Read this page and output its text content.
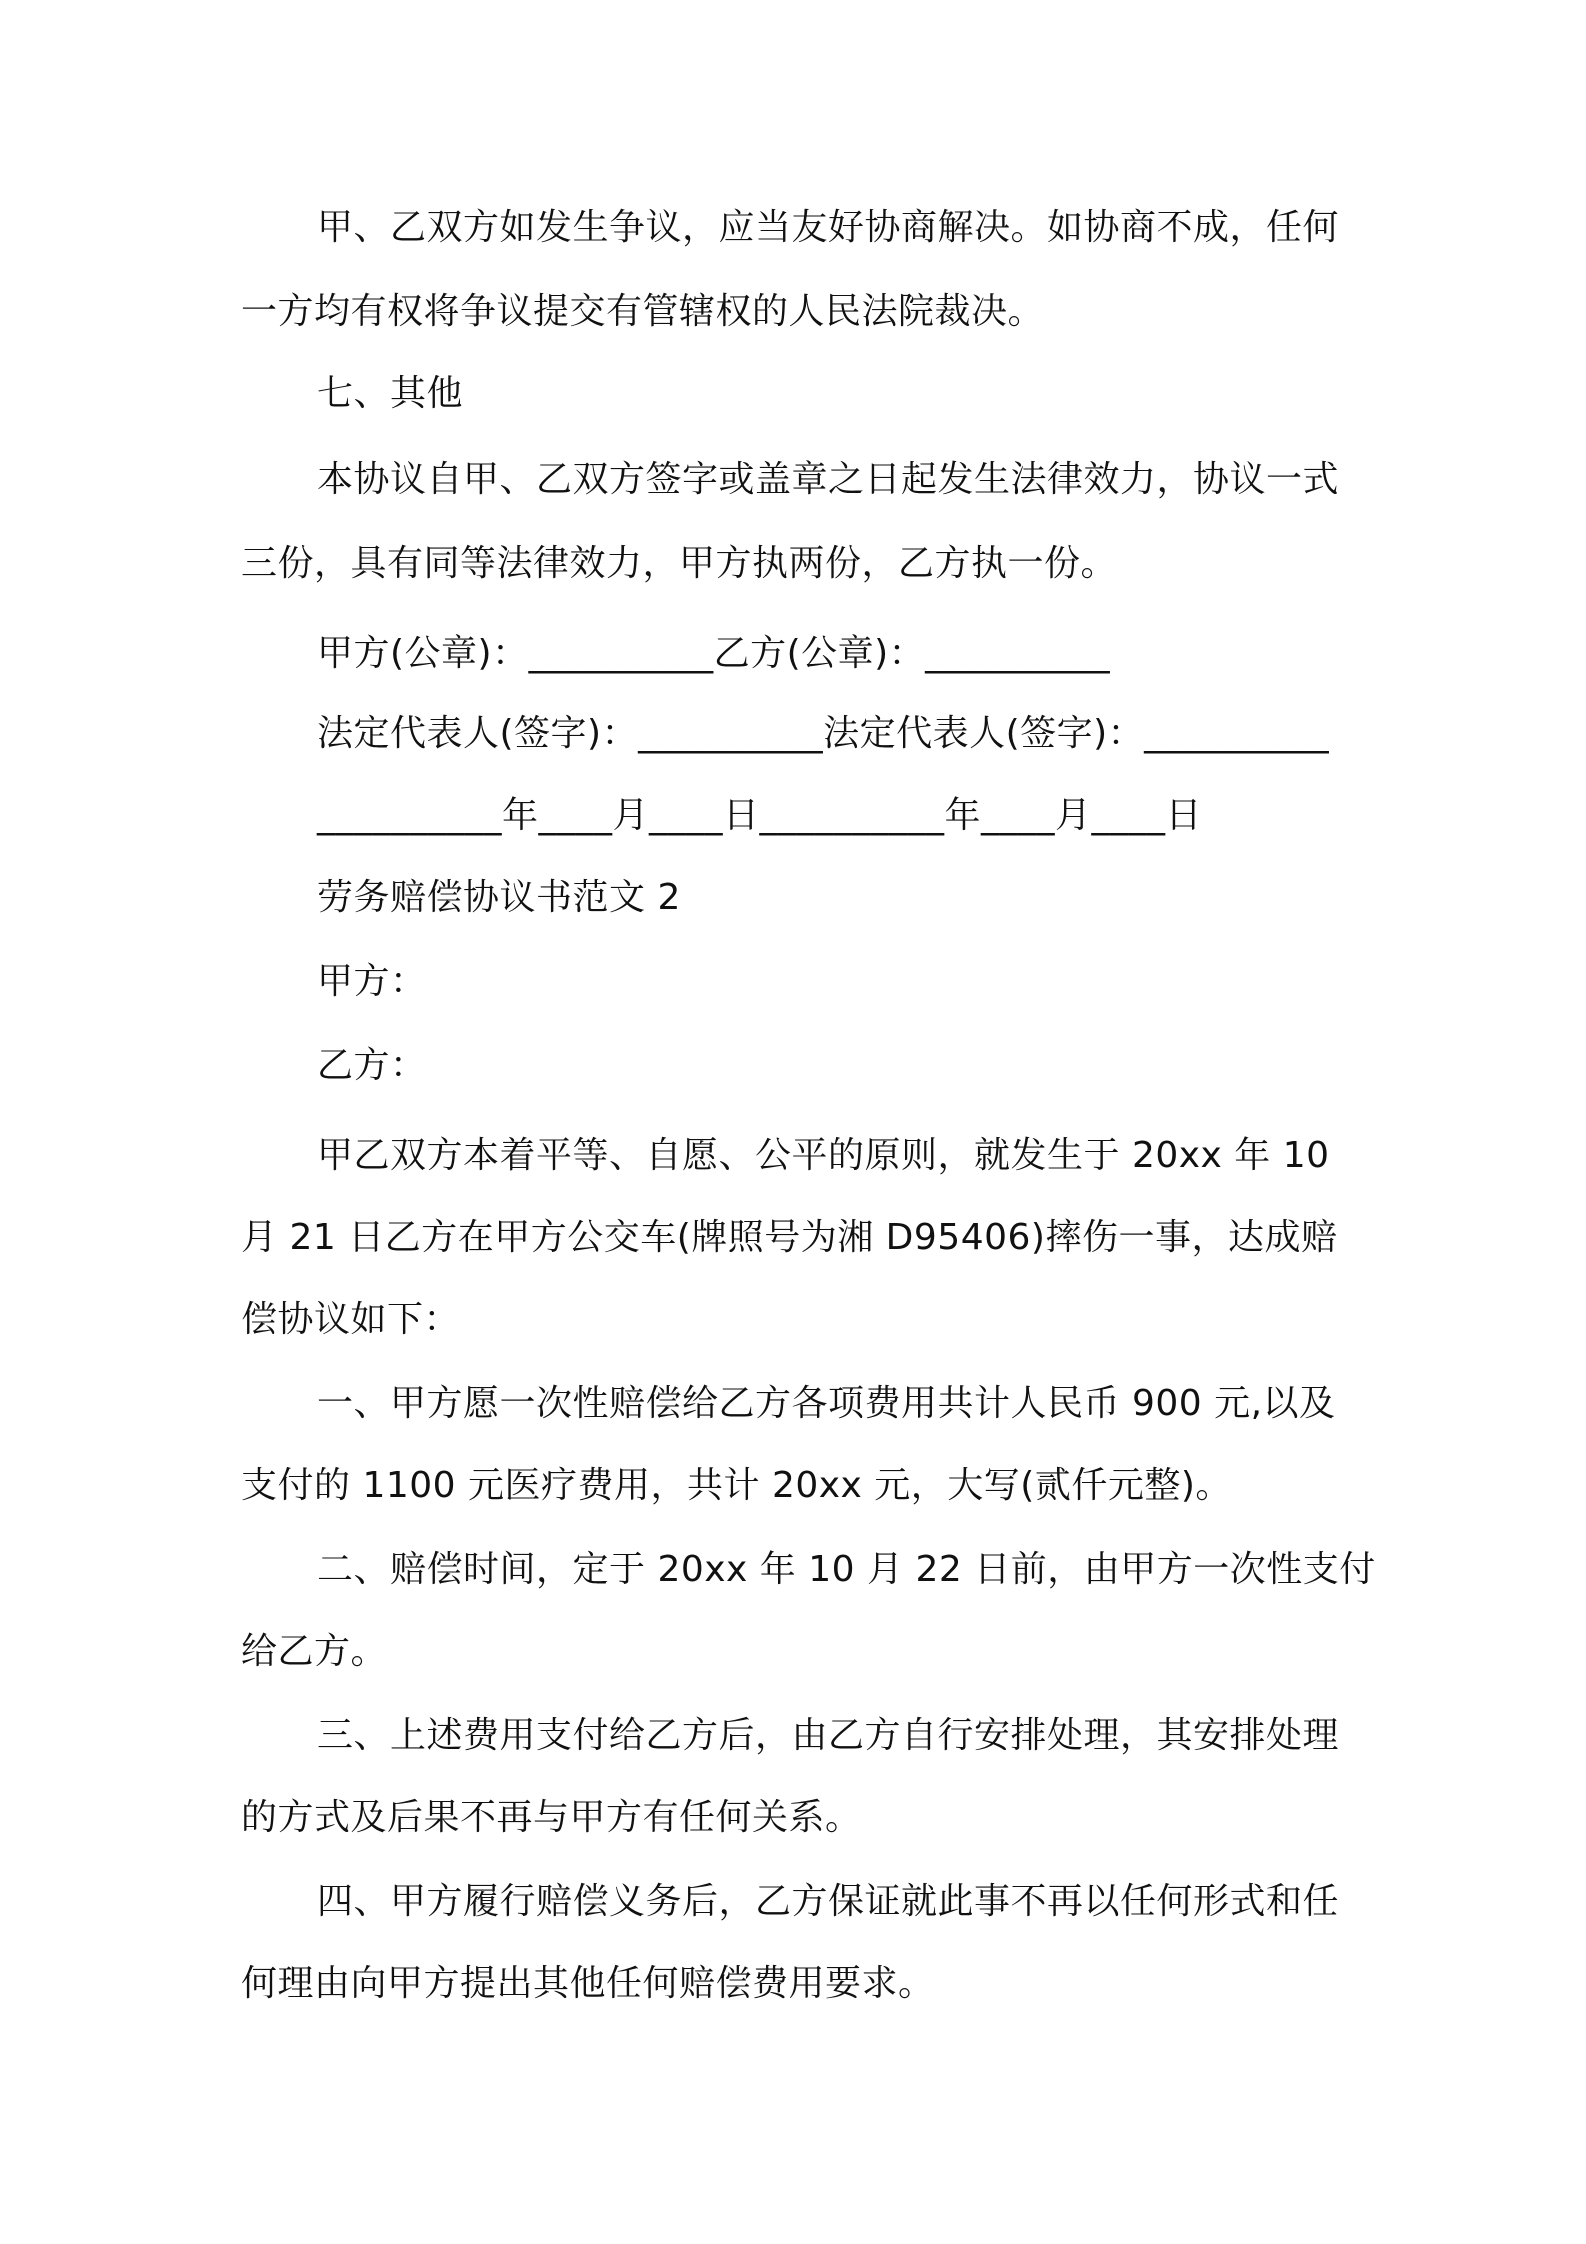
甲、乙双方如发生争议，应当友好协商解决。如协商不成，任何
一方均有权将争议提交有管辖权的人民法院裁决。
七、其他
本协议自甲、乙双方签字或盖章之日起发生法律效力，协议一式
三份，具有同等法律效力，甲方执两份，乙方执一份。
甲方(公章)：__________乙方(公章)：__________
法定代表人(签字)：__________法定代表人(签字)：__________
__________年____月____日__________年____月____日
劳务赔偿协议书范文 2
甲方：
乙方：
甲乙双方本着平等、自愿、公平的原则，就发生于 20xx 年 10
月 21 日乙方在甲方公交车(牌照号为湘 D95406)摔伤一事，达成赔
偿协议如下：
一、甲方愿一次性赔偿给乙方各项费用共计人民币 900 元,以及
支付的 1100 元医疗费用，共计 20xx 元，大写(贰仟元整)。
二、赔偿时间，定于 20xx 年 10 月 22 日前，由甲方一次性支付
给乙方。
三、上述费用支付给乙方后，由乙方自行安排处理，其安排处理
的方式及后果不再与甲方有任何关系。
四、甲方履行赔偿义务后，乙方保证就此事不再以任何形式和任
何理由向甲方提出其他任何赔偿费用要求。
